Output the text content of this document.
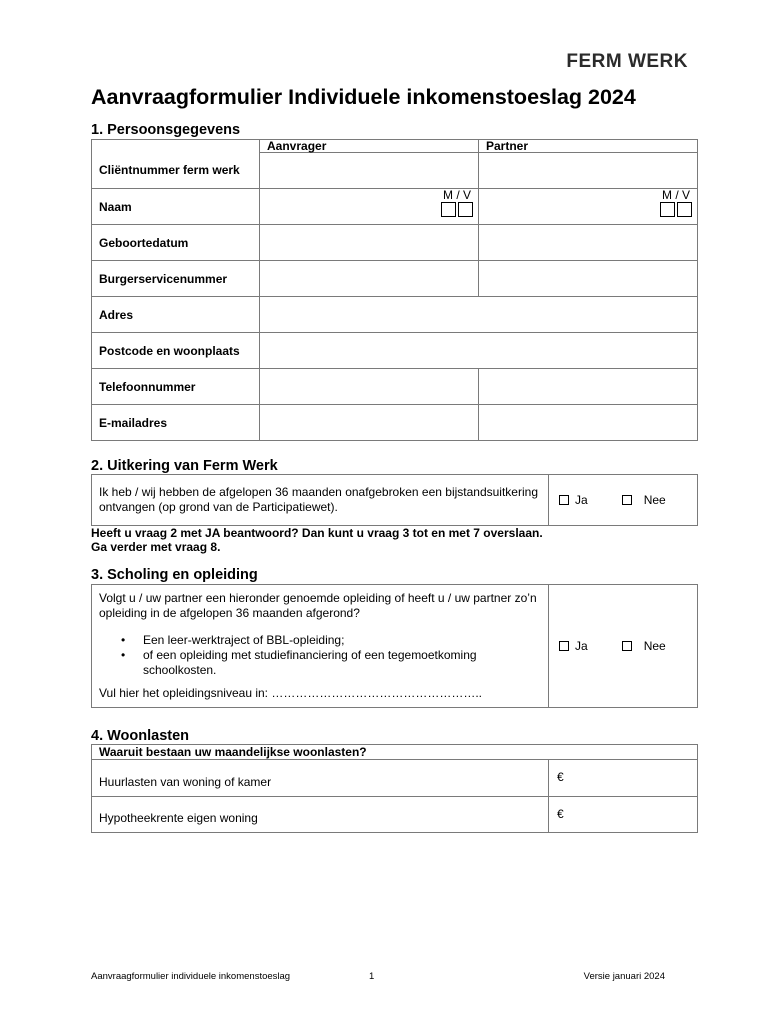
FERM WERK
Aanvraagformulier Individuele inkomenstoeslag 2024
1. Persoonsgegevens
	Aanvrager	Partner
Cliëntnummer ferm werk		
Naam	M / V	M / V

Geboortedatum		
Burgerservicenummer		
Adres		
Postcode en woonplaats		
Telefoonnummer		
E-mailadres		
2. Uitkering van Ferm Werk
Ik heb / wij hebben de afgelopen 36 maanden onafgebroken een bijstandsuitkering ontvangen (op grond van de Participatiewet).	Ja	Nee
Heeft u vraag 2 met JA beantwoord? Dan kunt u vraag 3 tot en met 7 overslaan.
Ga verder met vraag 8.
3. Scholing en opleiding
Volgt u / uw partner een hieronder genoemde opleiding of heeft u / uw partner zo’n opleiding in de afgelopen 36 maanden afgerond?
• Een leer-werktraject of BBL-opleiding;
• of een opleiding met studiefinanciering of een tegemoetkoming schoolkosten.
Vul hier het opleidingsniveau in: ……………………………………………..

Ja	Nee
4. Woonlasten
Waaruit bestaan uw maandelijkse woonlasten?	
Huurlasten van woning of kamer	€
Hypotheekrente eigen woning	€
Aanvraagformulier individuele inkomenstoeslag	1	Versie januari 2024
